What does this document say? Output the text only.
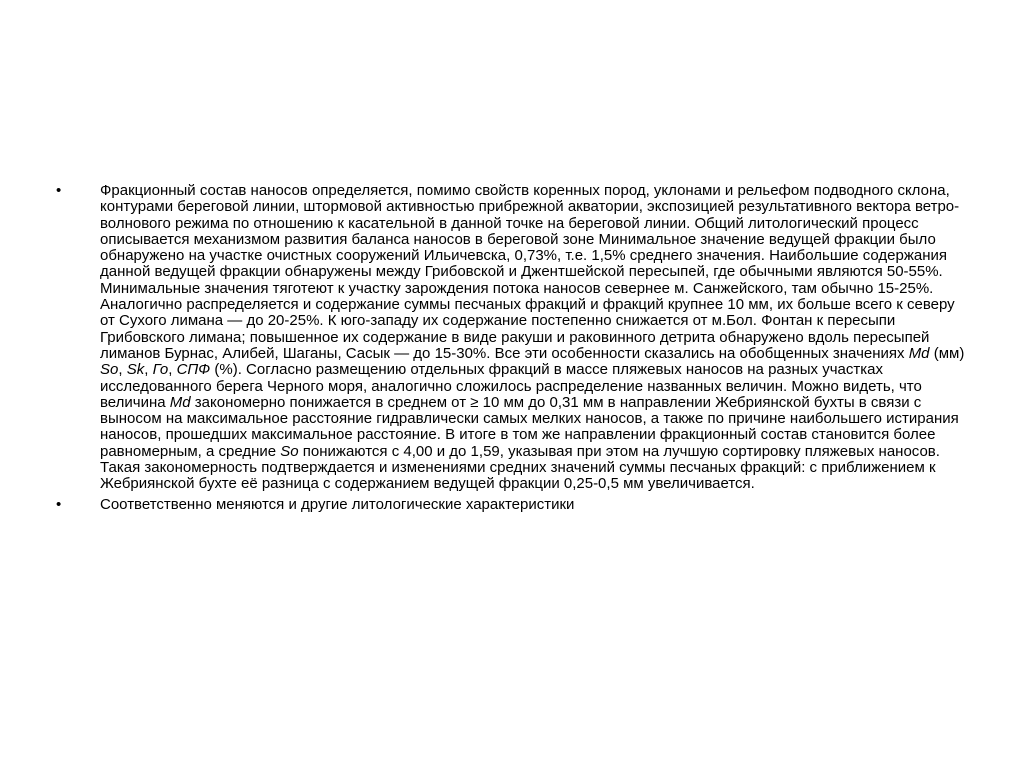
•	Фракционный состав наносов определяется, помимо свойств коренных пород, уклонами и рельефом подводного склона, контурами береговой линии, штормовой активностью прибрежной акватории, экспозицией результативного вектора ветро-волнового режима по отношению к касательной в данной точке на береговой линии. Общий литологический процесс описывается механизмом развития баланса наносов в береговой зоне Минимальное значение ведущей фракции было обнаружено на участке очистных сооружений Ильичевска, 0,73%, т.е. 1,5% среднего значения. Наибольшие содержания данной ведущей фракции обнаружены между Грибовской и Джентшейской пересыпей, где обычными являются 50-55%. Минимальные значения тяготеют к участку зарождения потока наносов севернее м. Санжейского, там обычно 15-25%. Аналогично распределяется и содержание суммы песчаных фракций и фракций крупнее 10 мм, их больше всего к северу от Сухого лимана — до 20-25%. К юго-западу их содержание постепенно снижается от м.Бол. Фонтан к пересыпи Грибовского лимана; повышенное их содержание в виде ракуши и раковинного детрита обнаружено вдоль пересыпей лиманов Бурнас, Алибей, Шаганы, Сасык — до 15-30%. Все эти особенности сказались на обобщенных значениях Md (мм) So, Sk, Го, СПФ (%). Согласно размещению отдельных фракций в массе пляжевых наносов на разных участках исследованного берега Черного моря, аналогично сложилось распределение названных величин. Можно видеть, что величина Md закономерно понижается в среднем от ≥ 10 мм до 0,31 мм в направлении Жебриянской бухты в связи с выносом на максимальное расстояние гидравлически самых мелких наносов, а также по причине наибольшего истирания наносов, прошедших максимальное расстояние. В итоге в том же направлении фракционный состав становится более равномерным, а средние So понижаются с 4,00 и до 1,59, указывая при этом на лучшую сортировку пляжевых наносов. Такая закономерность подтверждается и изменениями средних значений суммы песчаных фракций: с приближением к Жебриянской бухте её разница с содержанием ведущей фракции 0,25-0,5 мм увеличивается.
•	Соответственно меняются и другие литологические характеристики
